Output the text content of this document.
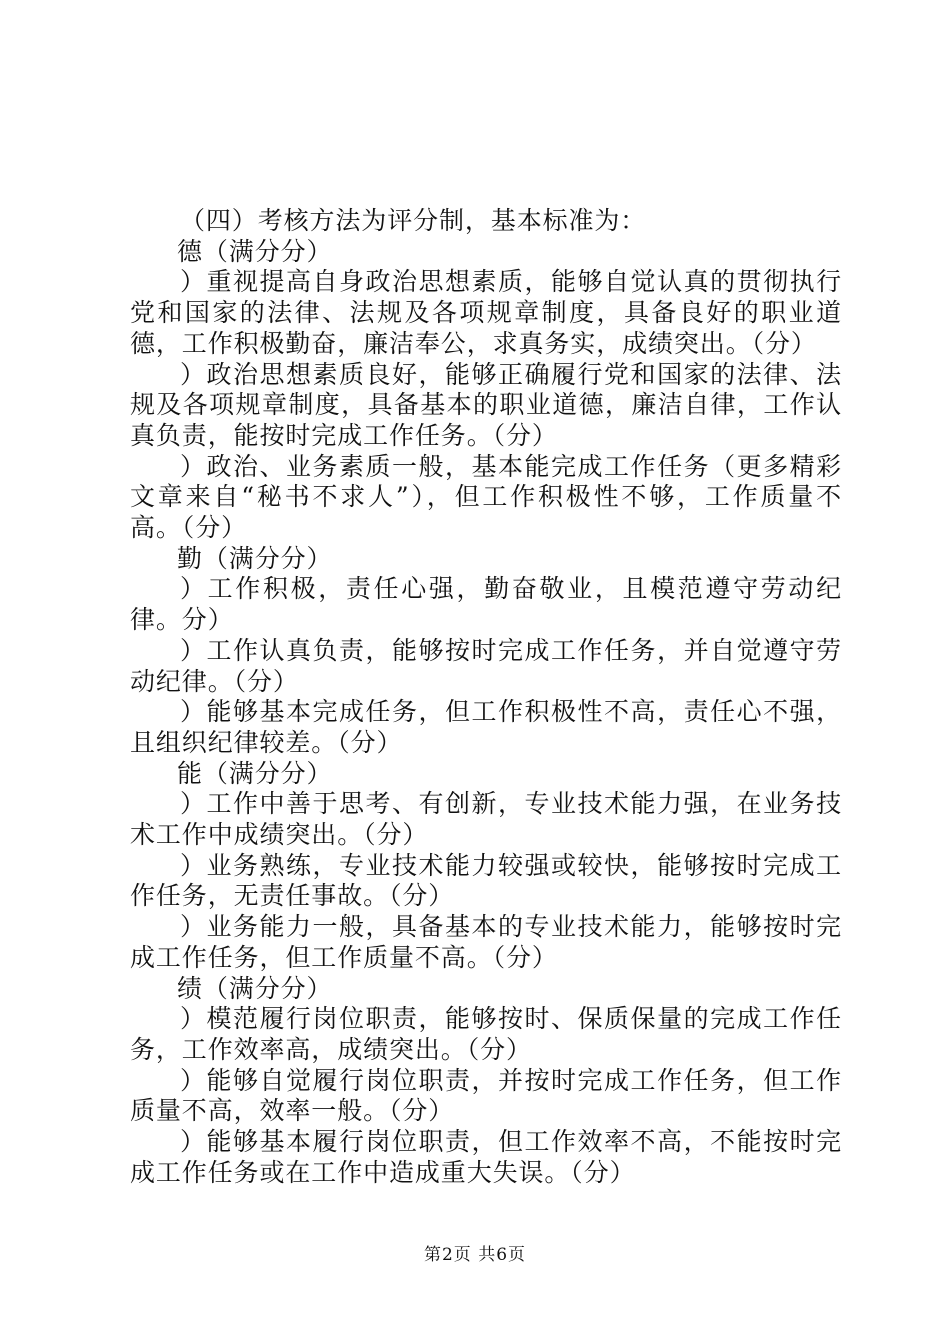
（四）考核方法为评分制，基本标准为：

德（满分分）

）重视提高自身政治思想素质，能够自觉认真的贯彻执行党和国家的法律、法规及各项规章制度，具备良好的职业道德，工作积极勤奋，廉洁奉公，求真务实，成绩突出。（分）

）政治思想素质良好，能够正确履行党和国家的法律、法规及各项规章制度，具备基本的职业道德，廉洁自律，工作认真负责，能按时完成工作任务。（分）

）政治、业务素质一般，基本能完成工作任务（更多精彩文章来自“秘书不求人”），但工作积极性不够，工作质量不高。（分）

勤（满分分）

）工作积极，责任心强，勤奋敬业，且模范遵守劳动纪律。分）

）工作认真负责，能够按时完成工作任务，并自觉遵守劳动纪律。（分）

）能够基本完成任务，但工作积极性不高，责任心不强，且组织纪律较差。（分）

能（满分分）

）工作中善于思考、有创新，专业技术能力强，在业务技术工作中成绩突出。（分）

）业务熟练，专业技术能力较强或较快，能够按时完成工作任务，无责任事故。（分）

）业务能力一般，具备基本的专业技术能力，能够按时完成工作任务，但工作质量不高。（分）

绩（满分分）

）模范履行岗位职责，能够按时、保质保量的完成工作任务，工作效率高，成绩突出。（分）

）能够自觉履行岗位职责，并按时完成工作任务，但工作质量不高，效率一般。（分）

）能够基本履行岗位职责，但工作效率不高，不能按时完成工作任务或在工作中造成重大失误。（分）

第2页 共6页
